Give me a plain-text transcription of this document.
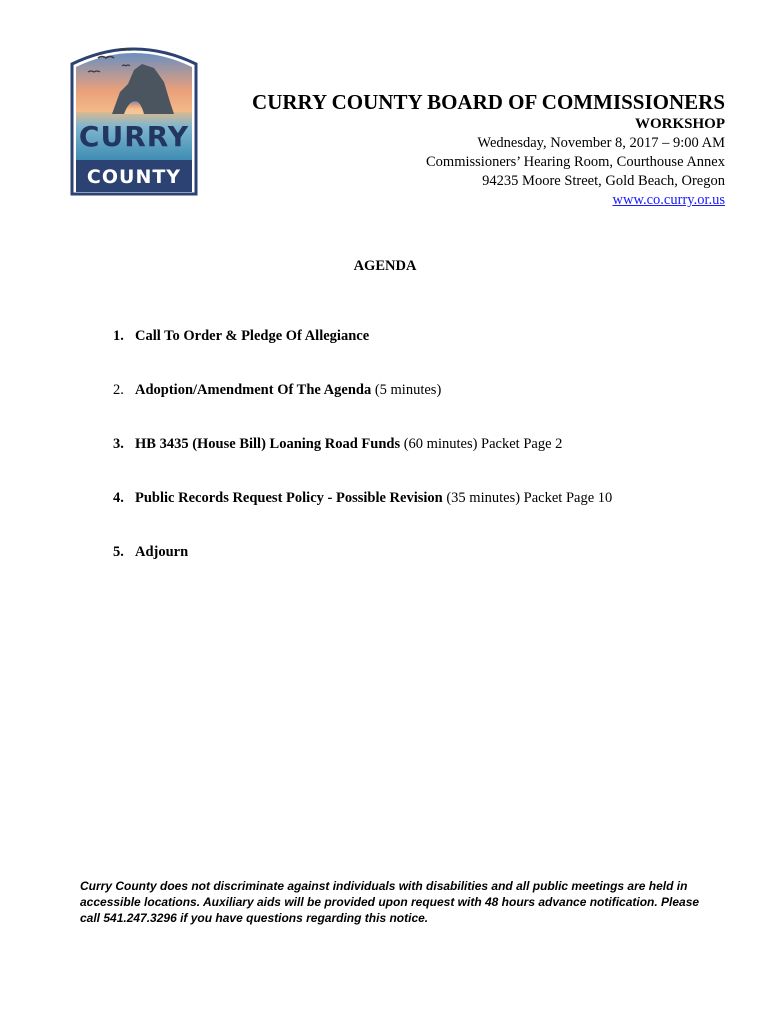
CURRY
COUNTY
CURRY COUNTY BOARD OF COMMISSIONERS
WORKSHOP
Wednesday, November 8, 2017 – 9:00 AM
Commissioners’ Hearing Room, Courthouse Annex
94235 Moore Street, Gold Beach, Oregon
www.co.curry.or.us
AGENDA
1. Call To Order & Pledge Of Allegiance
2. Adoption/Amendment Of The Agenda (5 minutes)
3. HB 3435 (House Bill) Loaning Road Funds (60 minutes) Packet Page 2
4. Public Records Request Policy - Possible Revision (35 minutes) Packet Page 10
5. Adjourn
Curry County does not discriminate against individuals with disabilities and all public meetings are held in accessible locations. Auxiliary aids will be provided upon request with 48 hours advance notification. Please call 541.247.3296 if you have questions regarding this notice.
